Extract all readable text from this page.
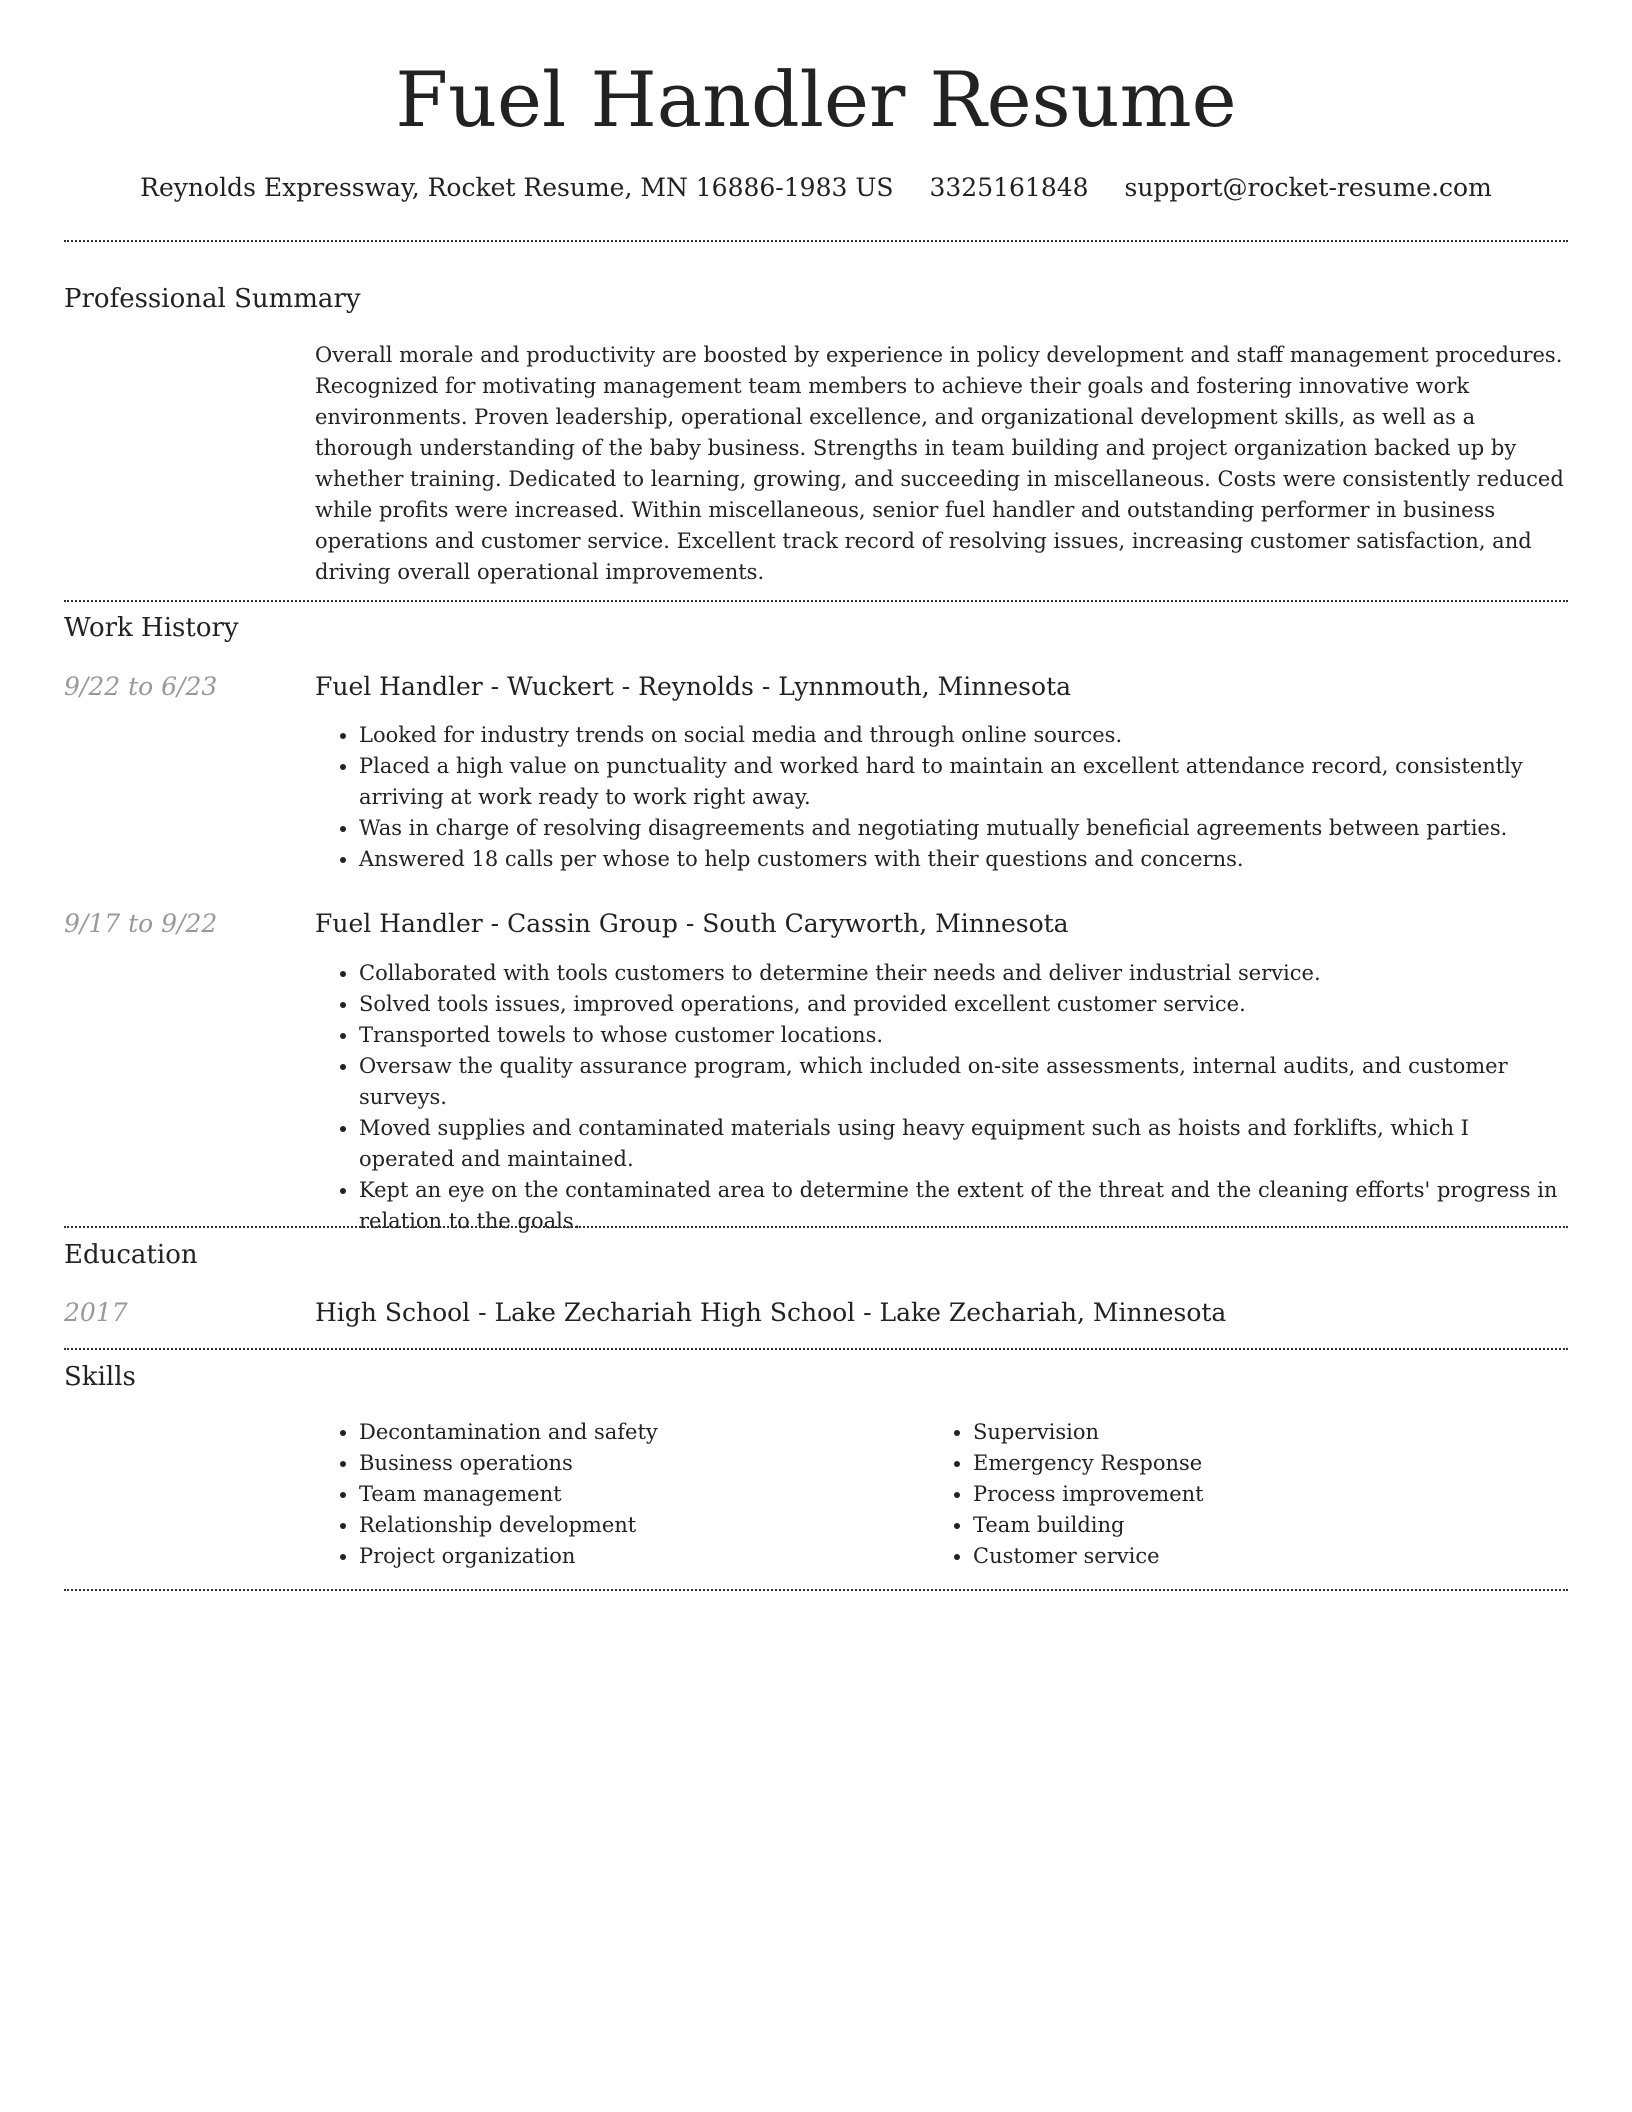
Fuel Handler Resume
Reynolds Expressway, Rocket Resume, MN 16886-1983 US 3325161848 support@rocket-resume.com
Professional Summary
Overall morale and productivity are boosted by experience in policy development and staff management procedures. Recognized for motivating management team members to achieve their goals and fostering innovative work environments. Proven leadership, operational excellence, and organizational development skills, as well as a thorough understanding of the baby business. Strengths in team building and project organization backed up by whether training. Dedicated to learning, growing, and succeeding in miscellaneous. Costs were consistently reduced while profits were increased. Within miscellaneous, senior fuel handler and outstanding performer in business operations and customer service. Excellent track record of resolving issues, increasing customer satisfaction, and driving overall operational improvements.
Work History
9/22 to 6/23	Fuel Handler - Wuckert - Reynolds - Lynnmouth, Minnesota
• Looked for industry trends on social media and through online sources.
• Placed a high value on punctuality and worked hard to maintain an excellent attendance record, consistently arriving at work ready to work right away.
• Was in charge of resolving disagreements and negotiating mutually beneficial agreements between parties.
• Answered 18 calls per whose to help customers with their questions and concerns.
9/17 to 9/22	Fuel Handler - Cassin Group - South Caryworth, Minnesota
• Collaborated with tools customers to determine their needs and deliver industrial service.
• Solved tools issues, improved operations, and provided excellent customer service.
• Transported towels to whose customer locations.
• Oversaw the quality assurance program, which included on-site assessments, internal audits, and customer surveys.
• Moved supplies and contaminated materials using heavy equipment such as hoists and forklifts, which I operated and maintained.
• Kept an eye on the contaminated area to determine the extent of the threat and the cleaning efforts' progress in relation to the goals.
Education
2017	High School - Lake Zechariah High School - Lake Zechariah, Minnesota
Skills
• Decontamination and safety
• Business operations
• Team management
• Relationship development
• Project organization
• Supervision
• Emergency Response
• Process improvement
• Team building
• Customer service
